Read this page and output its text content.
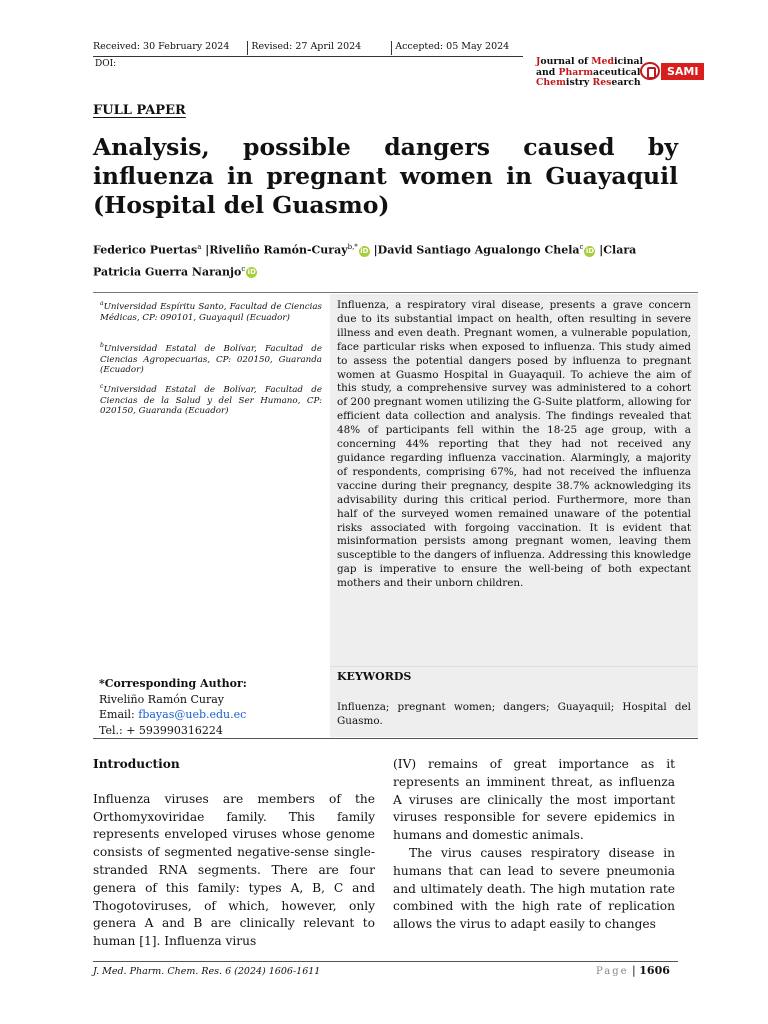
Received: 30 February 2024 Revised: 27 April 2024	Accepted: 05 May 2024
DOI:	Journal of Medicinal
and Pharmaceutical
Chemistry Research
SAMI
FULL PAPER
Analysis, possible dangers caused by influenza in pregnant women in Guayaquil (Hospital del Guasmo)
Federico Puertas$^a$ |Riveliño Ramón-Curay$^{b,*}$ iD |David Santiago Agualongo Chela$^c$ iD |Clara Patricia Guerra Naranjo$^c$ iD
$^a$Universidad Espíritu Santo, Facultad de Ciencias Médicas, CP: 090101, Guayaquil (Ecuador)
$^b$Universidad Estatal de Bolívar, Facultad de Ciencias Agropecuarias, CP: 020150, Guaranda (Ecuador)
$^c$Universidad Estatal de Bolívar, Facultad de Ciencias de la Salud y del Ser Humano, CP: 020150, Guaranda (Ecuador)
Influenza, a respiratory viral disease, presents a grave concern due to its substantial impact on health, often resulting in severe illness and even death. Pregnant women, a vulnerable population, face particular risks when exposed to influenza. This study aimed to assess the potential dangers posed by influenza to pregnant women at Guasmo Hospital in Guayaquil. To achieve the aim of this study, a comprehensive survey was administered to a cohort of 200 pregnant women utilizing the G-Suite platform, allowing for efficient data collection and analysis. The findings revealed that 48% of participants fell within the 18-25 age group, with a concerning 44% reporting that they had not received any guidance regarding influenza vaccination. Alarmingly, a majority of respondents, comprising 67%, had not received the influenza vaccine during their pregnancy, despite 38.7% acknowledging its advisability during this critical period. Furthermore, more than half of the surveyed women remained unaware of the potential risks associated with forgoing vaccination. It is evident that misinformation persists among pregnant women, leaving them susceptible to the dangers of influenza. Addressing this knowledge gap is imperative to ensure the well-being of both expectant mothers and their unborn children.
KEYWORDS
Influenza; pregnant women; dangers; Guayaquil; Hospital del Guasmo.
*Corresponding Author:
Riveliño Ramón Curay
Email: fbayas@ueb.edu.ec
Tel.: + 593990316224
Introduction

Influenza viruses are members of the Orthomyxoviridae family. This family represents enveloped viruses whose genome consists of segmented negative-sense single-stranded RNA segments. There are four genera of this family: types A, B, C and Thogotoviruses, of which, however, only genera A and B are clinically relevant to human [1]. Influenza virus

(IV) remains of great importance as it represents an imminent threat, as influenza A viruses are clinically the most important viruses responsible for severe epidemics in humans and domestic animals.

The virus causes respiratory disease in humans that can lead to severe pneumonia and ultimately death. The high mutation rate combined with the high rate of replication allows the virus to adapt easily to changes

J. Med. Pharm. Chem. Res. 6 (2024) 1606-1611	Page | 1606
